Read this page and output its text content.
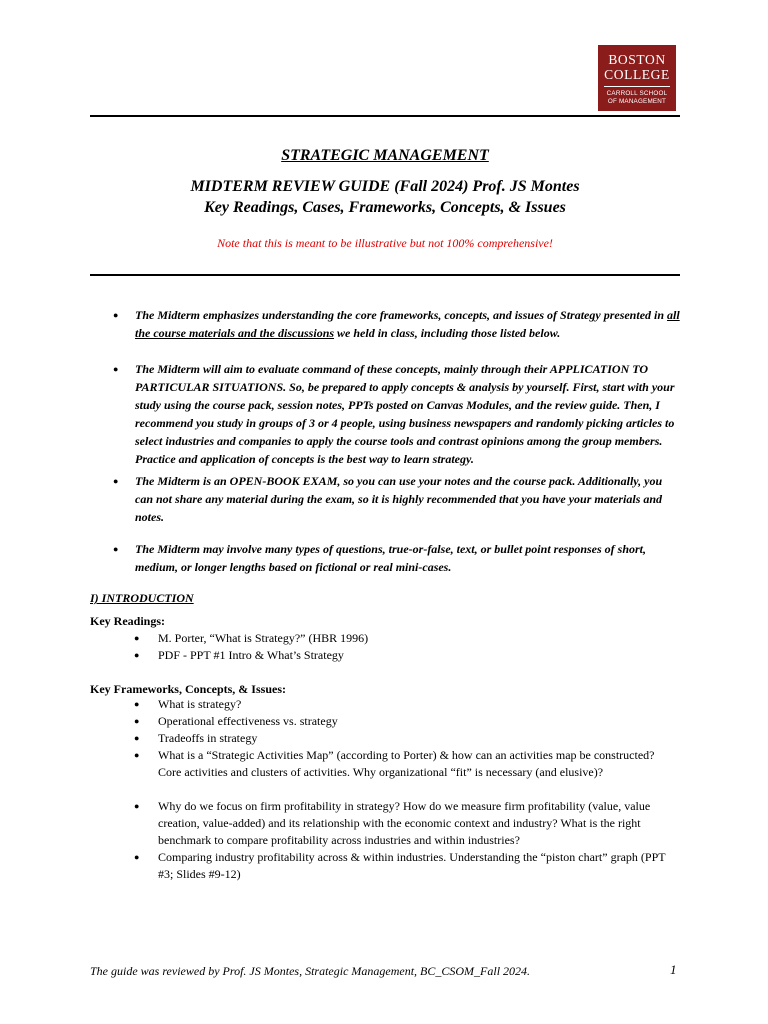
BOSTON
COLLEGE
CARROLL SCHOOL
OF MANAGEMENT
STRATEGIC MANAGEMENT
MIDTERM REVIEW GUIDE (Fall 2024) Prof. JS Montes
Key Readings, Cases, Frameworks, Concepts, & Issues
Note that this is meant to be illustrative but not 100% comprehensive!
● The Midterm emphasizes understanding the core frameworks, concepts, and issues of Strategy presented in all the course materials and the discussions we held in class, including those listed below.
● The Midterm will aim to evaluate command of these concepts, mainly through their APPLICATION TO PARTICULAR SITUATIONS. So, be prepared to apply concepts & analysis by yourself. First, start with your study using the course pack, session notes, PPTs posted on Canvas Modules, and the review guide. Then, I recommend you study in groups of 3 or 4 people, using business newspapers and randomly picking articles to select industries and companies to apply the course tools and contrast opinions among the group members. Practice and application of concepts is the best way to learn strategy.
● The Midterm is an OPEN-BOOK EXAM, so you can use your notes and the course pack. Additionally, you can not share any material during the exam, so it is highly recommended that you have your materials and notes.
● The Midterm may involve many types of questions, true-or-false, text, or bullet point responses of short, medium, or longer lengths based on fictional or real mini-cases.
I) INTRODUCTION
Key Readings:
● M. Porter, “What is Strategy?” (HBR 1996)
● PDF - PPT #1 Intro & What’s Strategy
Key Frameworks, Concepts, & Issues:
● What is strategy?
● Operational effectiveness vs. strategy
● Tradeoffs in strategy
● What is a “Strategic Activities Map” (according to Porter) & how can an activities map be constructed? Core activities and clusters of activities. Why organizational “fit” is necessary (and elusive)?
● Why do we focus on firm profitability in strategy? How do we measure firm profitability (value, value creation, value-added) and its relationship with the economic context and industry? What is the right benchmark to compare profitability across industries and within industries?
● Comparing industry profitability across & within industries. Understanding the “piston chart” graph (PPT #3; Slides #9-12)
The guide was reviewed by Prof. JS Montes, Strategic Management, BC_CSOM_Fall 2024.	1
